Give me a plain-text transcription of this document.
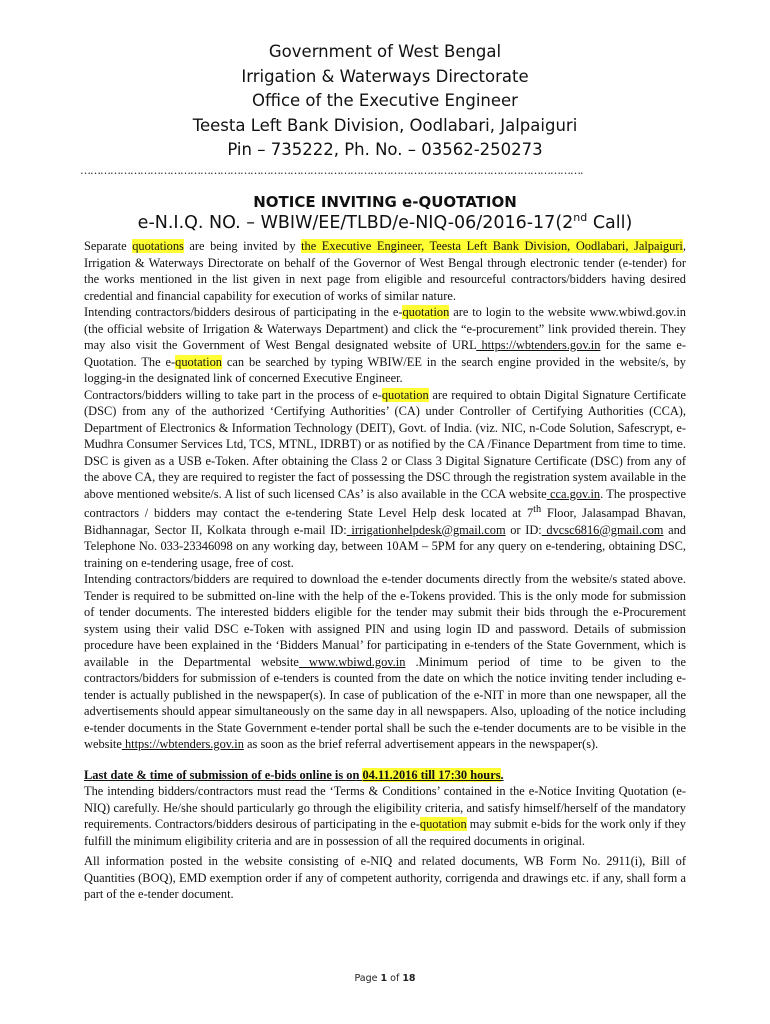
Government of West Bengal
Irrigation & Waterways Directorate
Office of the Executive Engineer
Teesta Left Bank Division, Oodlabari, Jalpaiguri
Pin – 735222, Ph. No. – 03562-250273
…………………………………………………………………………………………………………………………………….
NOTICE INVITING e-QUOTATION
e-N.I.Q. NO. – WBIW/EE/TLBD/e-NIQ-06/2016-17(2nd Call)

Separate quotations are being invited by the Executive Engineer, Teesta Left Bank Division, Oodlabari, Jalpaiguri, Irrigation & Waterways Directorate on behalf of the Governor of West Bengal through electronic tender (e-tender) for the works mentioned in the list given in next page from eligible and resourceful contractors/bidders having desired credential and financial capability for execution of works of similar nature.

Intending contractors/bidders desirous of participating in the e-quotation are to login to the website www.wbiwd.gov.in (the official website of Irrigation & Waterways Department) and click the “e-procurement” link provided therein. They may also visit the Government of West Bengal designated website of URL https://wbtenders.gov.in for the same e-Quotation. The e-quotation can be searched by typing WBIW/EE in the search engine provided in the website/s, by logging-in the designated link of concerned Executive Engineer.

Contractors/bidders willing to take part in the process of e-quotation are required to obtain Digital Signature Certificate (DSC) from any of the authorized ‘Certifying Authorities’ (CA) under Controller of Certifying Authorities (CCA), Department of Electronics & Information Technology (DEIT), Govt. of India. (viz. NIC, n-Code Solution, Safescrypt, e-Mudhra Consumer Services Ltd, TCS, MTNL, IDRBT) or as notified by the CA /Finance Department from time to time. DSC is given as a USB e-Token. After obtaining the Class 2 or Class 3 Digital Signature Certificate (DSC) from any of the above CA, they are required to register the fact of possessing the DSC through the registration system available in the above mentioned website/s. A list of such licensed CAs’ is also available in the CCA website cca.gov.in. The prospective contractors / bidders may contact the e-tendering State Level Help desk located at 7th Floor, Jalasampad Bhavan, Bidhannagar, Sector II, Kolkata through e-mail ID: irrigationhelpdesk@gmail.com or ID: dvcsc6816@gmail.com and Telephone No. 033-23346098 on any working day, between 10AM – 5PM for any query on e-tendering, obtaining DSC, training on e-tendering usage, free of cost.

Intending contractors/bidders are required to download the e-tender documents directly from the website/s stated above. Tender is required to be submitted on-line with the help of the e-Tokens provided. This is the only mode for submission of tender documents. The interested bidders eligible for the tender may submit their bids through the e-Procurement system using their valid DSC e-Token with assigned PIN and using login ID and password. Details of submission procedure have been explained in the ‘Bidders Manual’ for participating in e-tenders of the State Government, which is available in the Departmental website www.wbiwd.gov.in .Minimum period of time to be given to the contractors/bidders for submission of e-tenders is counted from the date on which the notice inviting tender including e-tender is actually published in the newspaper(s). In case of publication of the e-NIT in more than one newspaper, all the advertisements should appear simultaneously on the same day in all newspapers. Also, uploading of the notice including e-tender documents in the State Government e-tender portal shall be such the e-tender documents are to be visible in the website https://wbtenders.gov.in as soon as the brief referral advertisement appears in the newspaper(s).

Last date & time of submission of e-bids online is on 04.11.2016 till 17:30 hours.

The intending bidders/contractors must read the ‘Terms & Conditions’ contained in the e-Notice Inviting Quotation (e-NIQ) carefully. He/she should particularly go through the eligibility criteria, and satisfy himself/herself of the mandatory requirements. Contractors/bidders desirous of participating in the e-quotation may submit e-bids for the work only if they fulfill the minimum eligibility criteria and are in possession of all the required documents in original.

All information posted in the website consisting of e-NIQ and related documents, WB Form No. 2911(i), Bill of Quantities (BOQ), EMD exemption order if any of competent authority, corrigenda and drawings etc. if any, shall form a part of the e-tender document.

Page 1 of 18
